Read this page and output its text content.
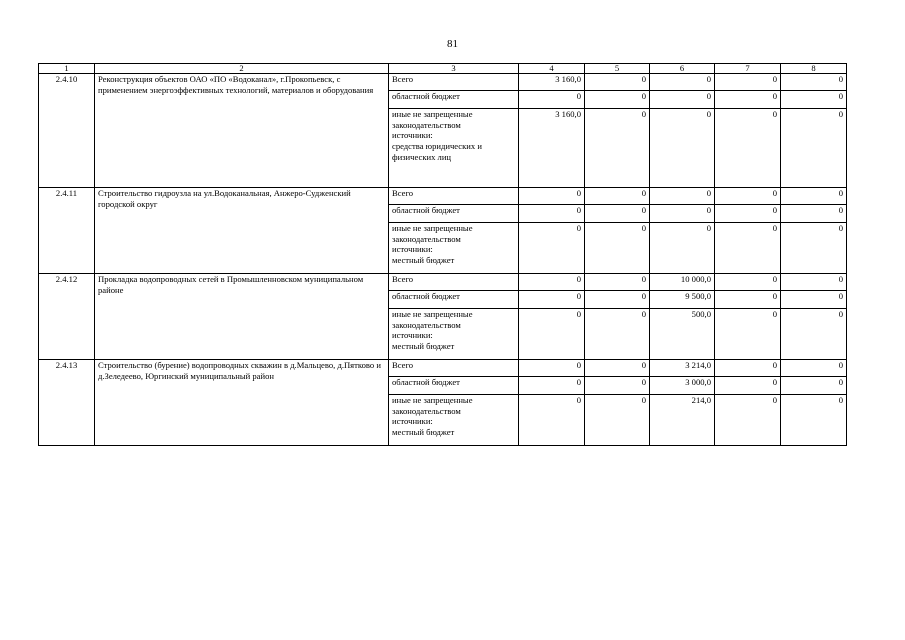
81
1	2	3	4	5	6	7	8
2.4.10	Реконструкция объектов ОАО «ПО «Водоканал», г.Прокопьевск, с применением энергоэффективных технологий, материалов и оборудования	Всего	3 160,0	0	0	0	0

		областной бюджет	0	0	0	0	0

		иные не запрещенные
законодательством
источники:
средства юридических и
физических лиц	3 160,0	0	0	0	0
2.4.11	Строительство гидроузла на ул.Водоканальная, Анжеро-Судженский городской округ	Всего	0	0	0	0	0

		областной бюджет	0	0	0	0	0

		иные не запрещенные
законодательством
источники:
местный бюджет	0	0	0	0	0
2.4.12	Прокладка водопроводных сетей в Промышленновском муниципальном районе	Всего	0	0	10 000,0	0	0

		областной бюджет	0	0	9 500,0	0	0

		иные не запрещенные
законодательством
источники:
местный бюджет	0	0	500,0	0	0
2.4.13	Строительство (бурение) водопроводных скважин в д.Мальцево, д.Пятково и д.Зеледеево, Юргинский муниципальный район	Всего	0	0	3 214,0	0	0

		областной бюджет	0	0	3 000,0	0	0

		иные не запрещенные
законодательством
источники:
местный бюджет	0	0	214,0	0	0
